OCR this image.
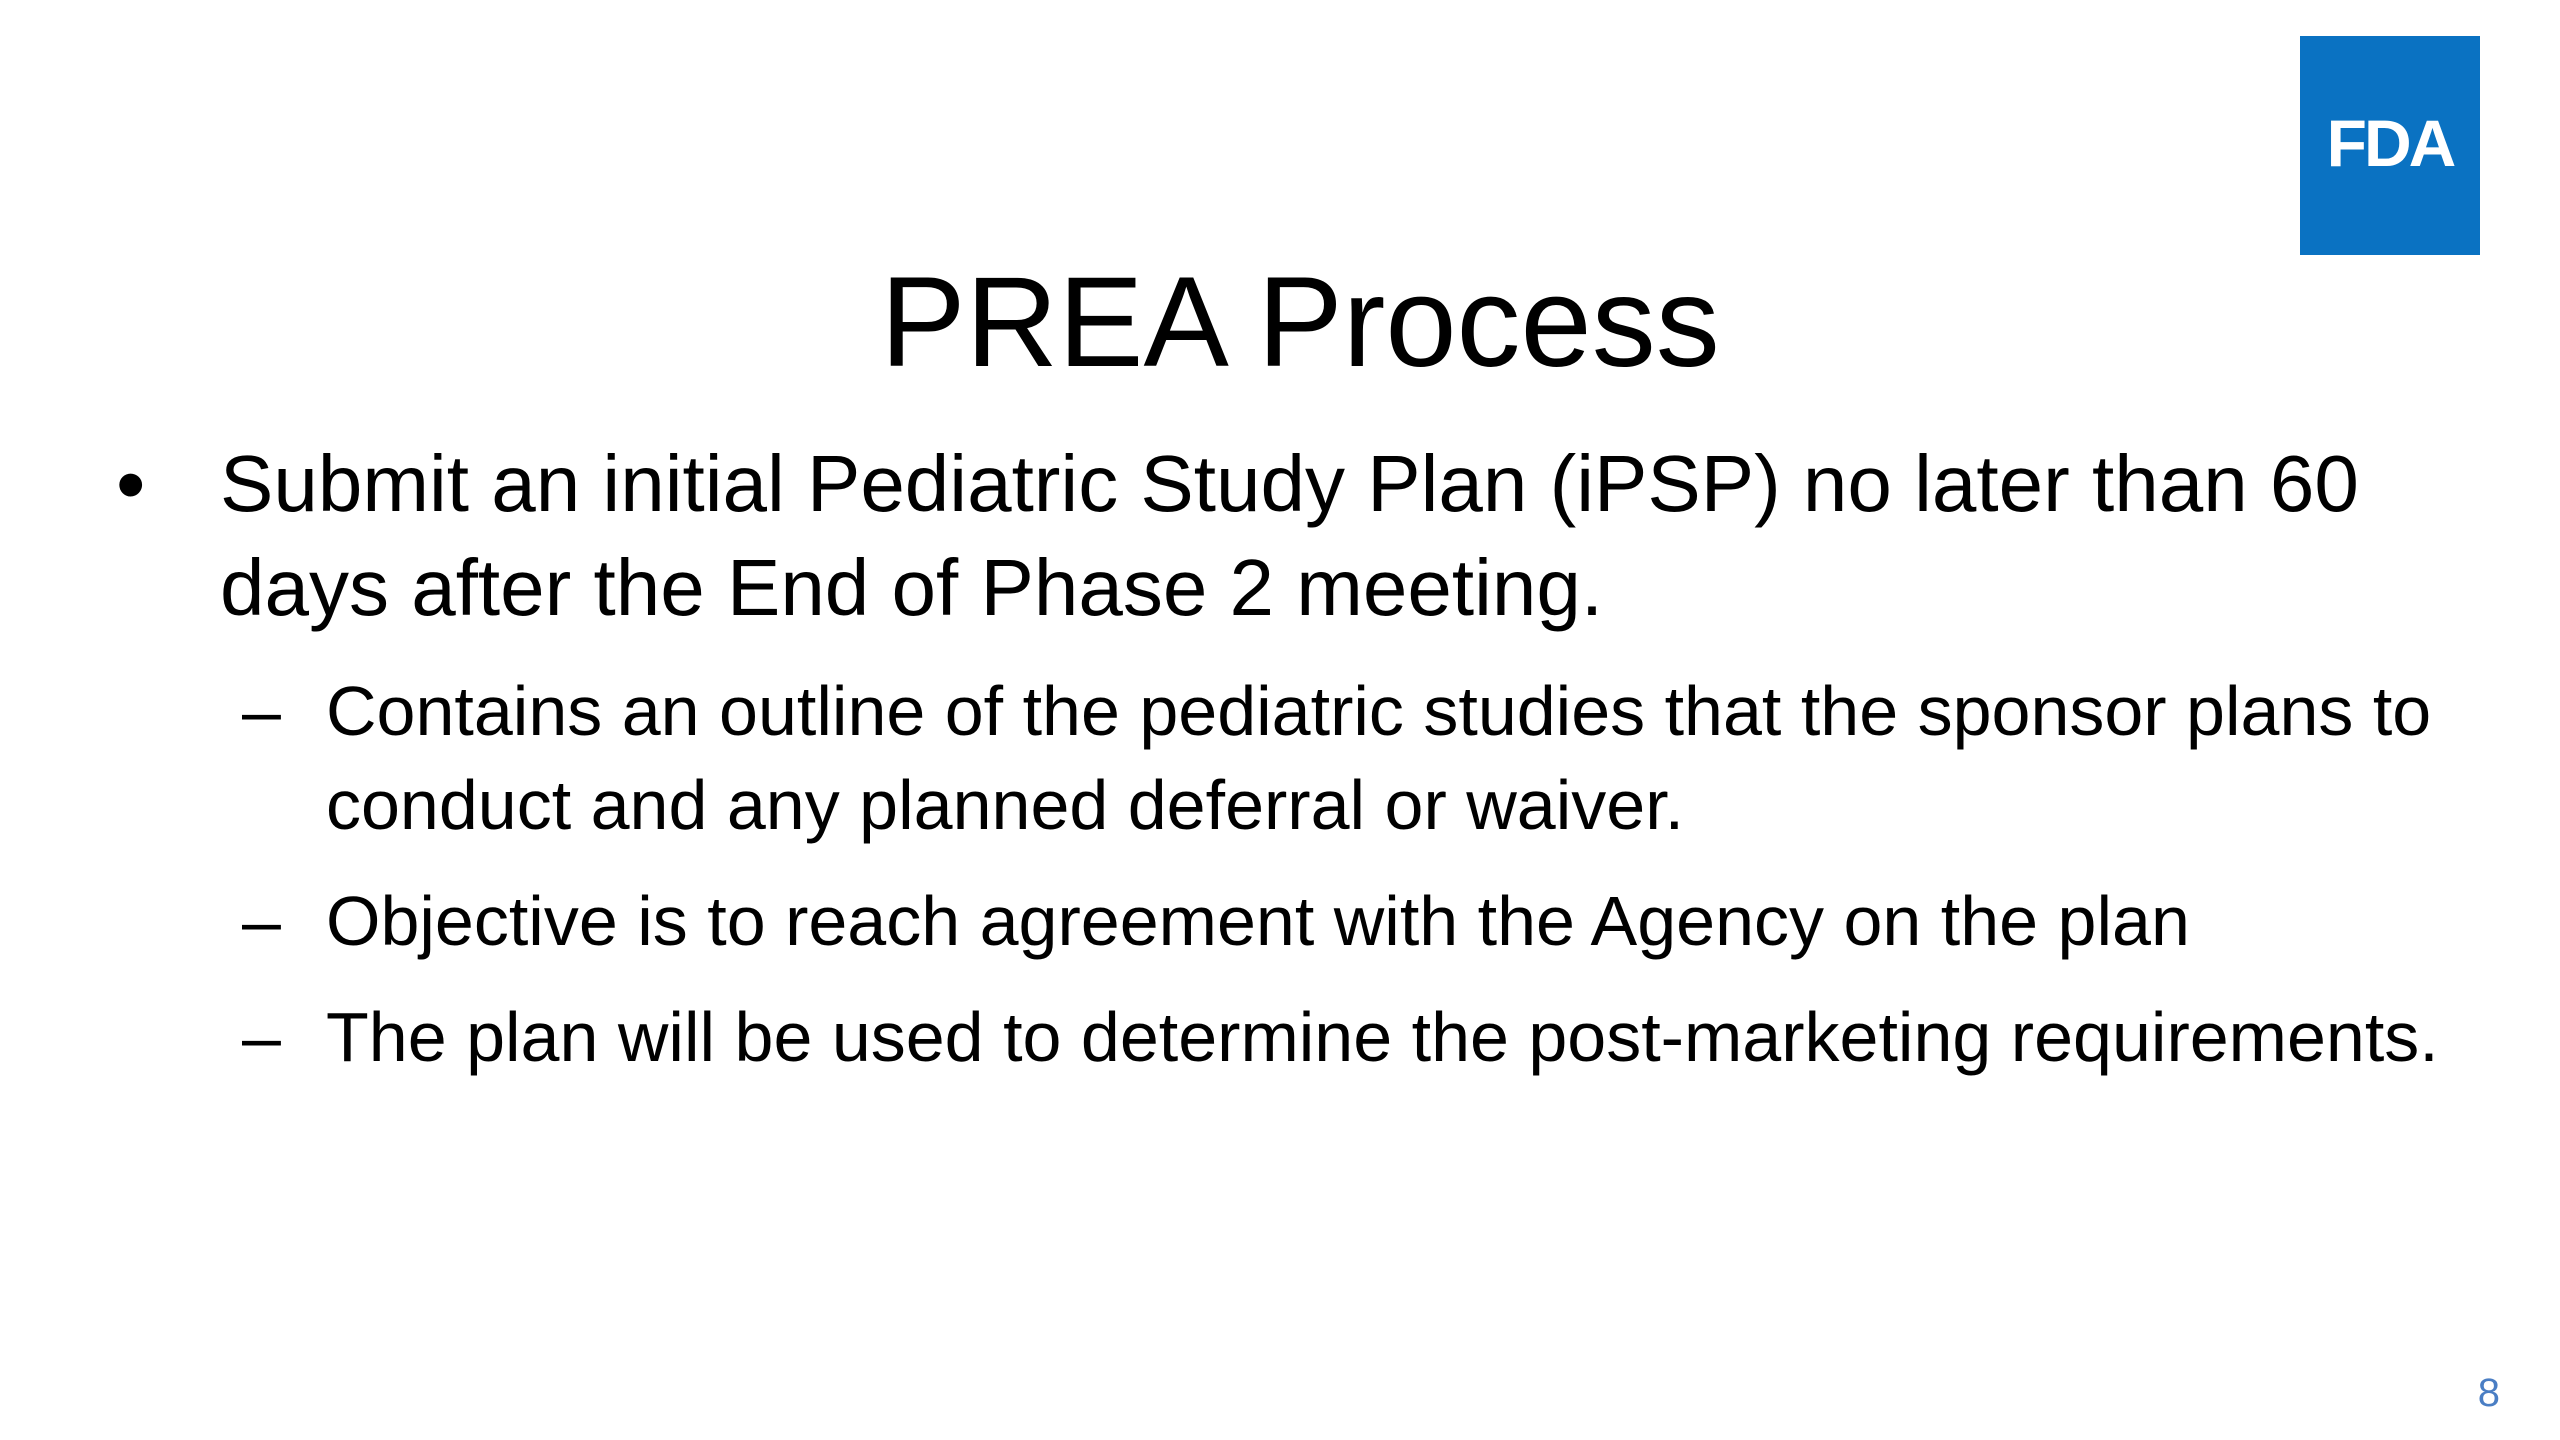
FDA
PREA Process
• Submit an initial Pediatric Study Plan (iPSP) no later than 60 days after the End of Phase 2 meeting.
– Contains an outline of the pediatric studies that the sponsor plans to conduct and any planned deferral or waiver.
– Objective is to reach agreement with the Agency on the plan
– The plan will be used to determine the post-marketing requirements.
8
